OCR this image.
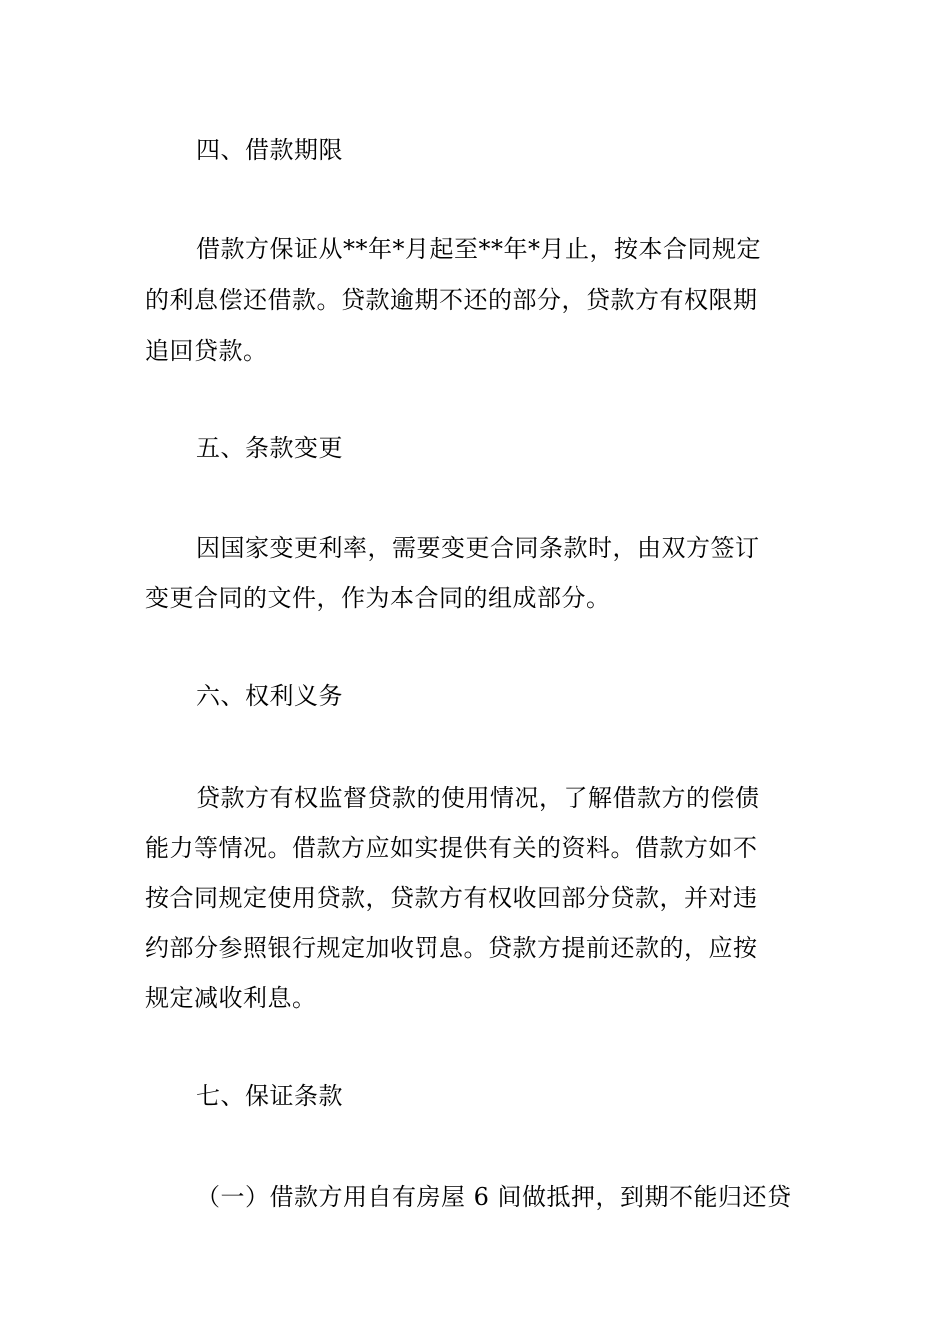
四、借款期限
借款方保证从**年*月起至**年*月止，按本合同规定
的利息偿还借款。贷款逾期不还的部分，贷款方有权限期
追回贷款。
五、条款变更
因国家变更利率，需要变更合同条款时，由双方签订
变更合同的文件，作为本合同的组成部分。
六、权利义务
贷款方有权监督贷款的使用情况，了解借款方的偿债
能力等情况。借款方应如实提供有关的资料。借款方如不
按合同规定使用贷款，贷款方有权收回部分贷款，并对违
约部分参照银行规定加收罚息。贷款方提前还款的，应按
规定减收利息。
七、保证条款
（一）借款方用自有房屋 6 间做抵押，到期不能归还贷
